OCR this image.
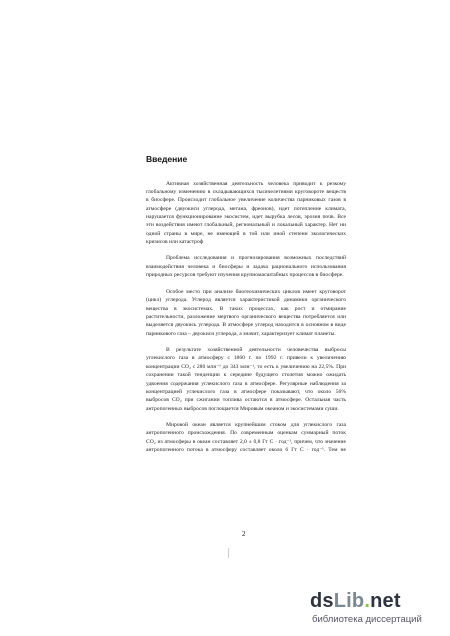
Введение
Активная хозяйственная деятельность человека приводит к резкому
глобальному изменению в складывающихся тысячелетиями круговороте веществ
в биосфере. Происходит глобальное увеличение количества парниковых газов в
атмосфере (двуокиси углерода, метана, фреонов), идет потепление климата,
нарушается функционирование экосистем, идет вырубка лесов, эрозия почв. Все
эти воздействия имеют глобальный, региональный и локальный характер. Нет ни
одной страны в мире, не имеющей в той или иной степени экологических
кризисов или катастроф
Проблема исследования и прогнозирования возможных последствий
взаимодействия человека и биосферы и задача рационального использования
природных ресурсов требуют изучения крупномасштабных процессов в биосфере.
Особое место при анализе биогеохимических циклов имеет круговорот
(цикл) углерода. Углерод является характеристикой динамики органического
вещества в экосистемах. В таких процессах, как рост и отмирание
растительности, разложение мертвого органического вещества потребляется или
выделяется двуокись углерода. В атмосфере углерод находится в основном в виде
парникового газа – двуокиси углерода, а значит, характеризует климат планеты.
В результате хозяйственной деятельности человечества выбросы
углекислого газа в атмосферу с 1860 г. по 1992 г. привели к увеличению
концентрации CO₂ с 280 млн⁻¹ до 343 млн⁻¹, то есть к увеличению на 22,5%. При
сохранении такой тенденции к середине будущего столетия можно ожидать
удвоения содержания углекислого газа в атмосфере. Регулярные наблюдения за
концентрацией углекислого газа в атмосфере показывают, что около 56%
выбросов CO₂ при сжигании топлива остаются в атмосфере. Остальная часть
антропогенных выбросов поглощается Мировым океаном и экосистемами суши.
Мировой океан является крупнейшим стоком для углекислого газа
антропогенного происхождения. По современным оценкам суммарный поток
CO₂ из атмосферы в океан составляет 2,0 ± 0,8 Гт С · год⁻¹, причем, что значение
антропогенного потока в атмосферу составляет около 6 Гт С · год⁻¹. Тем не
2
dsLib.net
библиотека диссертаций
